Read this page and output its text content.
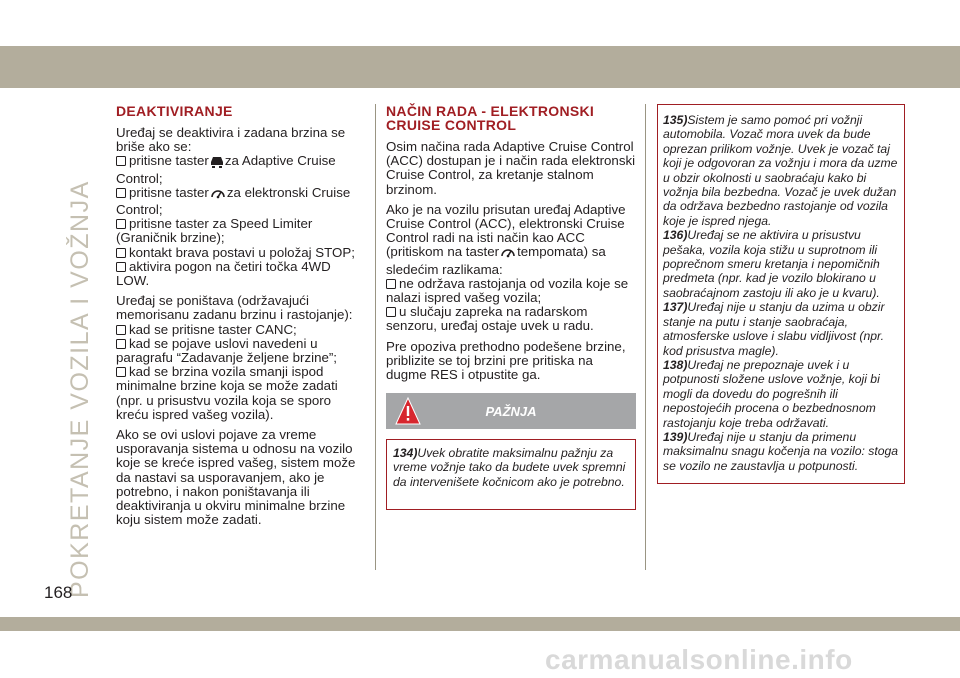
POKRETANJE VOZILA I VOŽNJA
DEAKTIVIRANJE
Uređaj se deaktivira i zadana brzina se briše ako se:
pritisne taster za Adaptive Cruise Control;
pritisne taster za elektronski Cruise Control;
pritisne taster za Speed Limiter (Graničnik brzine);
kontakt brava postavi u položaj STOP;
aktivira pogon na četiri točka 4WD LOW.
Uređaj se poništava (održavajući memorisanu zadanu brzinu i rastojanje):
kad se pritisne taster CANC;
kad se pojave uslovi navedeni u paragrafu “Zadavanje željene brzine”;
kad se brzina vozila smanji ispod minimalne brzine koja se može zadati (npr. u prisustvu vozila koja se sporo kreću ispred vašeg vozila).
Ako se ovi uslovi pojave za vreme usporavanja sistema u odnosu na vozilo koje se kreće ispred vašeg, sistem može da nastavi sa usporavanjem, ako je potrebno, i nakon poništavanja ili deaktiviranja u okviru minimalne brzine koju sistem može zadati.
NAČIN RADA - ELEKTRONSKI
CRUISE CONTROL
Osim načina rada Adaptive Cruise Control (ACC) dostupan je i način rada elektronski Cruise Control, za kretanje stalnom brzinom.
Ako je na vozilu prisutan uređaj Adaptive Cruise Control (ACC), elektronski Cruise Control radi na isti način kao ACC (pritiskom na taster tempomata) sa sledećim razlikama:
ne održava rastojanja od vozila koje se nalazi ispred vašeg vozila;
u slučaju zapreka na radarskom senzoru, uređaj ostaje uvek u radu.
Pre opoziva prethodno podešene brzine, priblizite se toj brzini pre pritiska na dugme RES i otpustite ga.
PAŽNJA
134)Uvek obratite maksimalnu pažnju za vreme vožnje tako da budete uvek spremni da intervenišete kočnicom ako je potrebno.
135)Sistem je samo pomoć pri vožnji automobila. Vozač mora uvek da bude oprezan prilikom vožnje. Uvek je vozač taj koji je odgovoran za vožnju i mora da uzme u obzir okolnosti u saobraćaju kako bi vožnja bila bezbedna. Vozač je uvek dužan da održava bezbedno rastojanje od vozila koje je ispred njega.
136)Uređaj se ne aktivira u prisustvu pešaka, vozila koja stižu u suprotnom ili poprečnom smeru kretanja i nepomičnih predmeta (npr. kad je vozilo blokirano u saobraćajnom zastoju ili ako je u kvaru).
137)Uređaj nije u stanju da uzima u obzir stanje na putu i stanje saobraćaja, atmosferske uslove i slabu vidljivost (npr. kod prisustva magle).
138)Uređaj ne prepoznaje uvek i u potpunosti složene uslove vožnje, koji bi mogli da dovedu do pogrešnih ili nepostojećih procena o bezbednosnom rastojanju koje treba održavati.
139)Uređaj nije u stanju da primenu maksimalnu snagu kočenja na vozilo: stoga se vozilo ne zaustavlja u potpunosti.
168
carmanualsonline.info
